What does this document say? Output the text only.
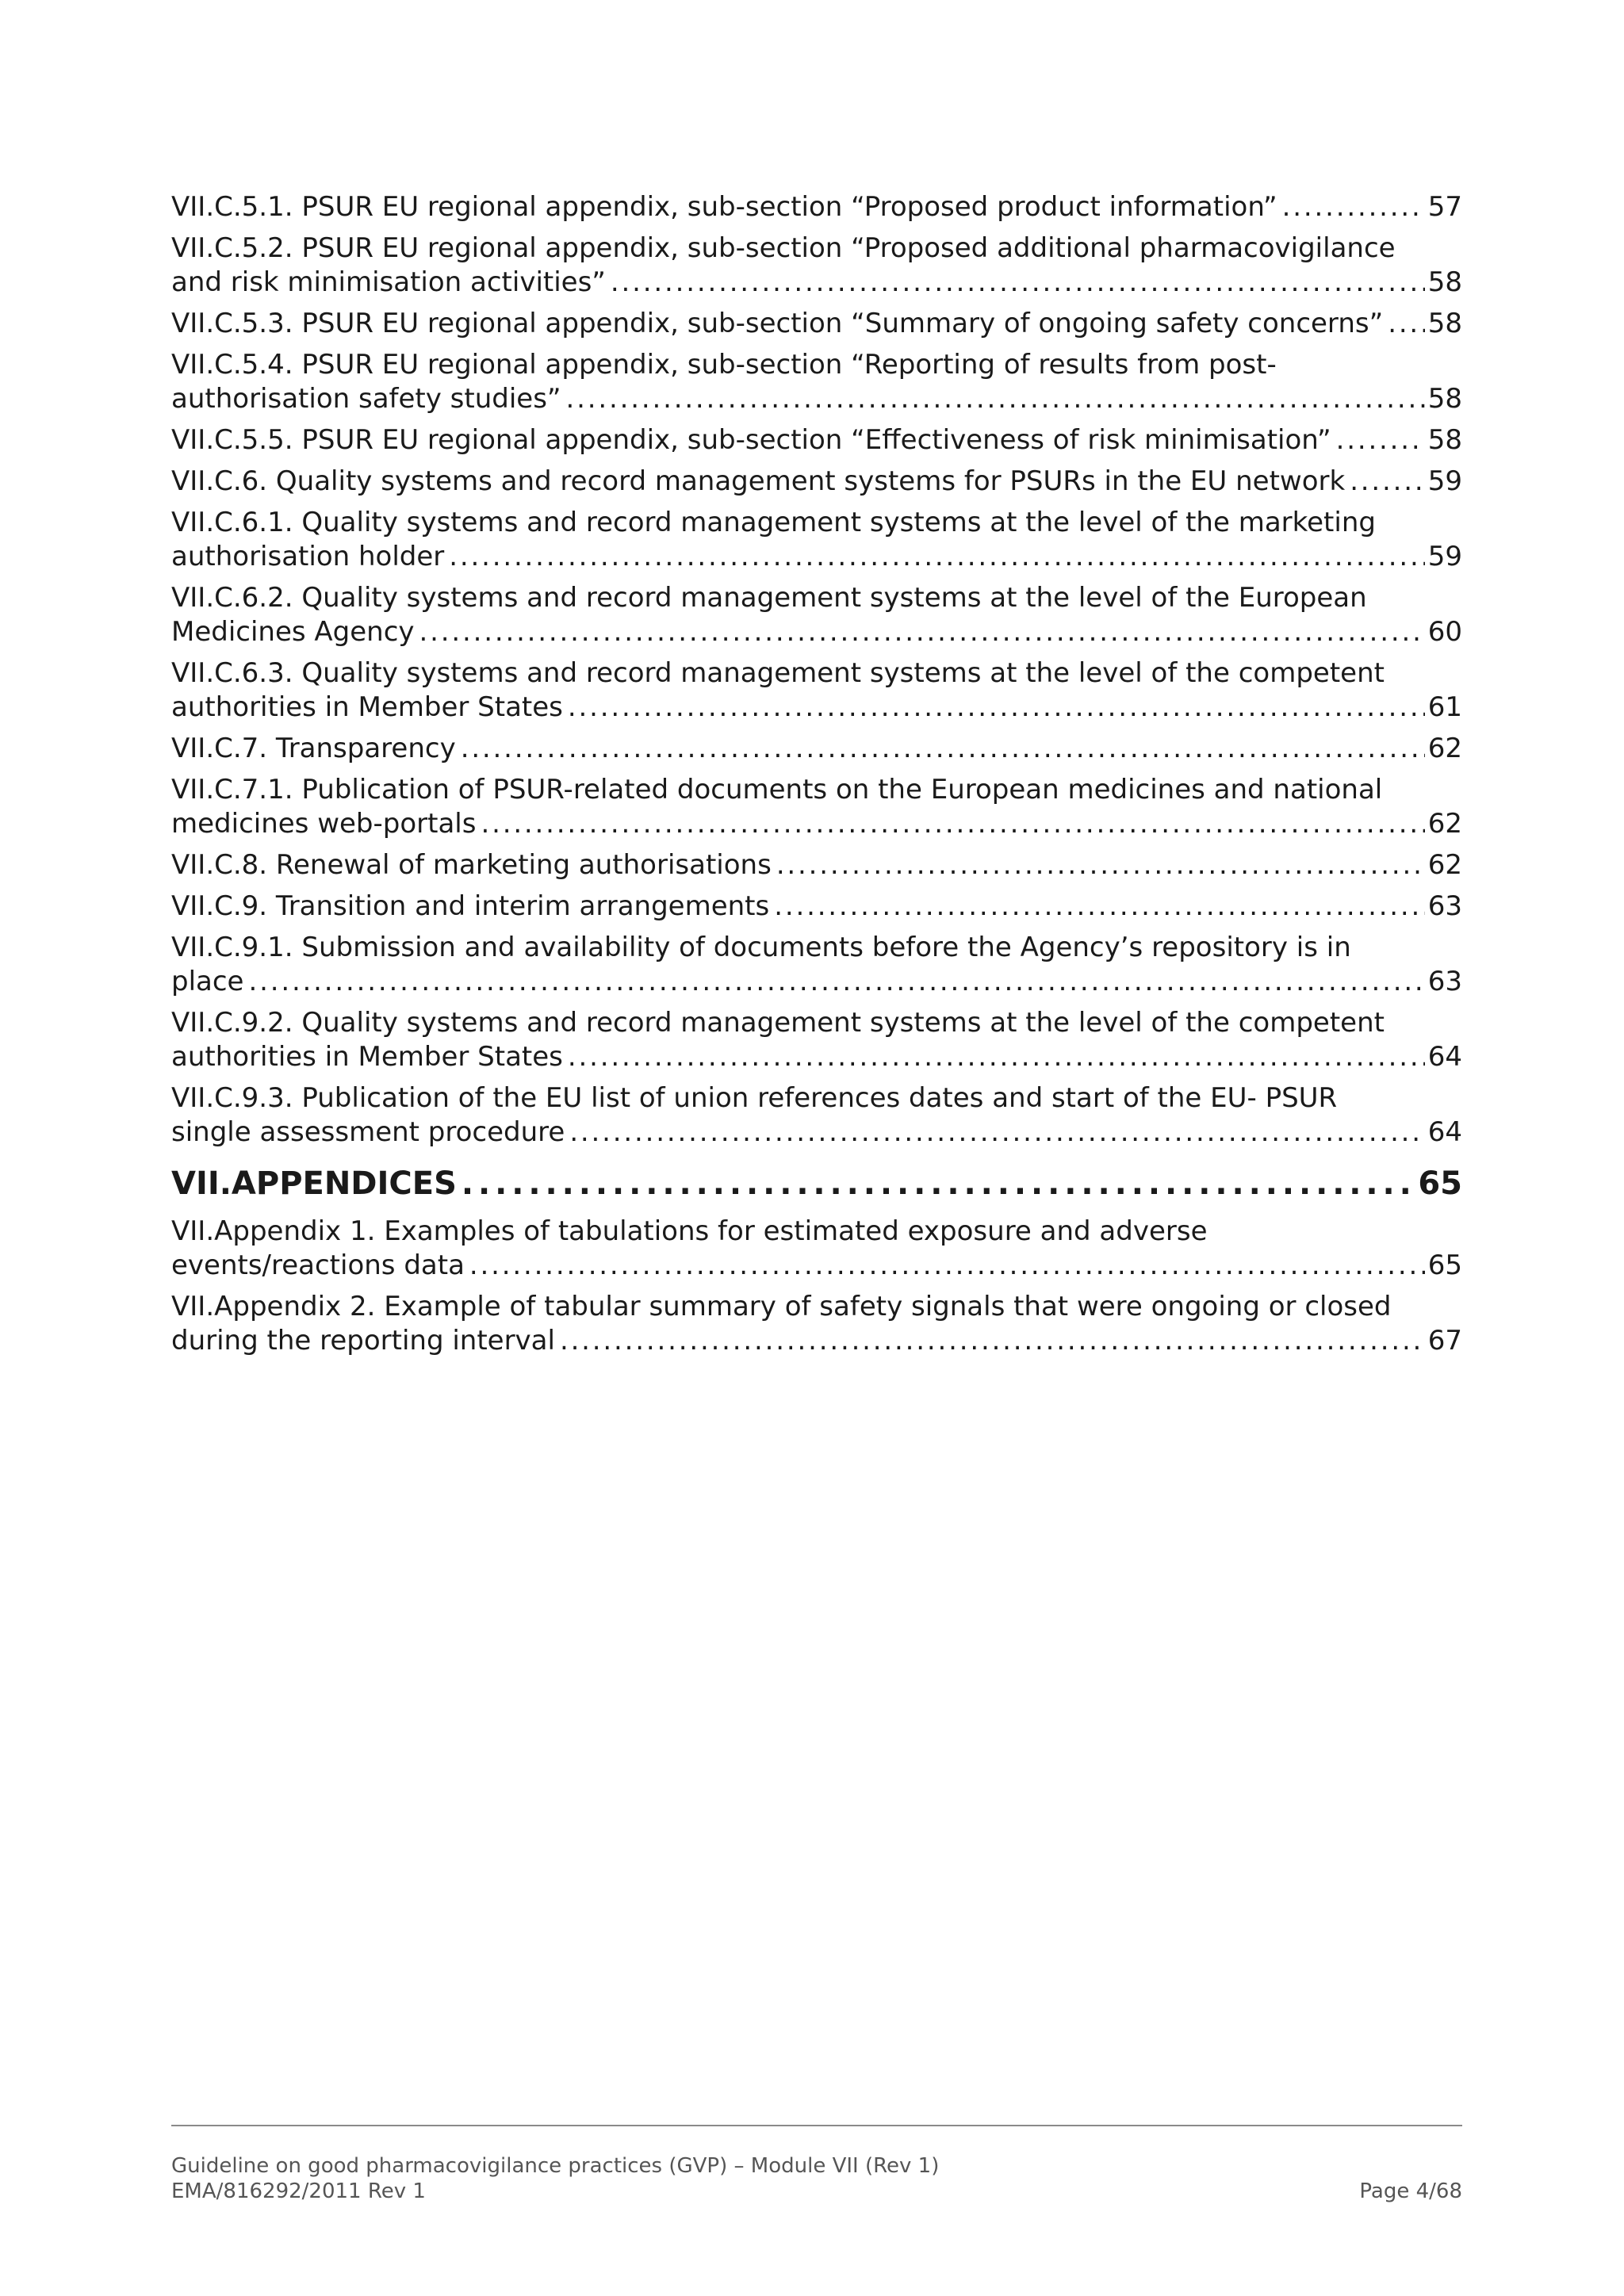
VII.C.5.1. PSUR EU regional appendix, sub-section “Proposed product information” . . .	57
VII.C.5.2. PSUR EU regional appendix, sub-section “Proposed additional pharmacovigilance
and risk minimisation activities” . . .	58
VII.C.5.3. PSUR EU regional appendix, sub-section “Summary of ongoing safety concerns” . . . 58
VII.C.5.4. PSUR EU regional appendix, sub-section “Reporting of results from post-
authorisation safety studies” . . .	58
VII.C.5.5. PSUR EU regional appendix, sub-section “Effectiveness of risk minimisation” . . .	58
VII.C.6. Quality systems and record management systems for PSURs in the EU network . . .	59
VII.C.6.1. Quality systems and record management systems at the level of the marketing
authorisation holder . . .	59
VII.C.6.2. Quality systems and record management systems at the level of the European
Medicines Agency . . .	60
VII.C.6.3. Quality systems and record management systems at the level of the competent
authorities in Member States . . .	61
VII.C.7. Transparency . . .	62
VII.C.7.1. Publication of PSUR-related documents on the European medicines and national
medicines web-portals . . .	62
VII.C.8. Renewal of marketing authorisations . . .	62
VII.C.9. Transition and interim arrangements . . .	63
VII.C.9.1. Submission and availability of documents before the Agency’s repository is in
place . . .	63
VII.C.9.2. Quality systems and record management systems at the level of the competent
authorities in Member States . . .	64
VII.C.9.3. Publication of the EU list of union references dates and start of the EU- PSUR
single assessment procedure . . .	64
VII.APPENDICES . . .	65
VII.Appendix 1. Examples of tabulations for estimated exposure and adverse
events/reactions data . . .	65
VII.Appendix 2. Example of tabular summary of safety signals that were ongoing or closed
during the reporting interval . . .	67
Guideline on good pharmacovigilance practices (GVP) – Module VII (Rev 1)
EMA/816292/2011 Rev 1	Page 4/68
